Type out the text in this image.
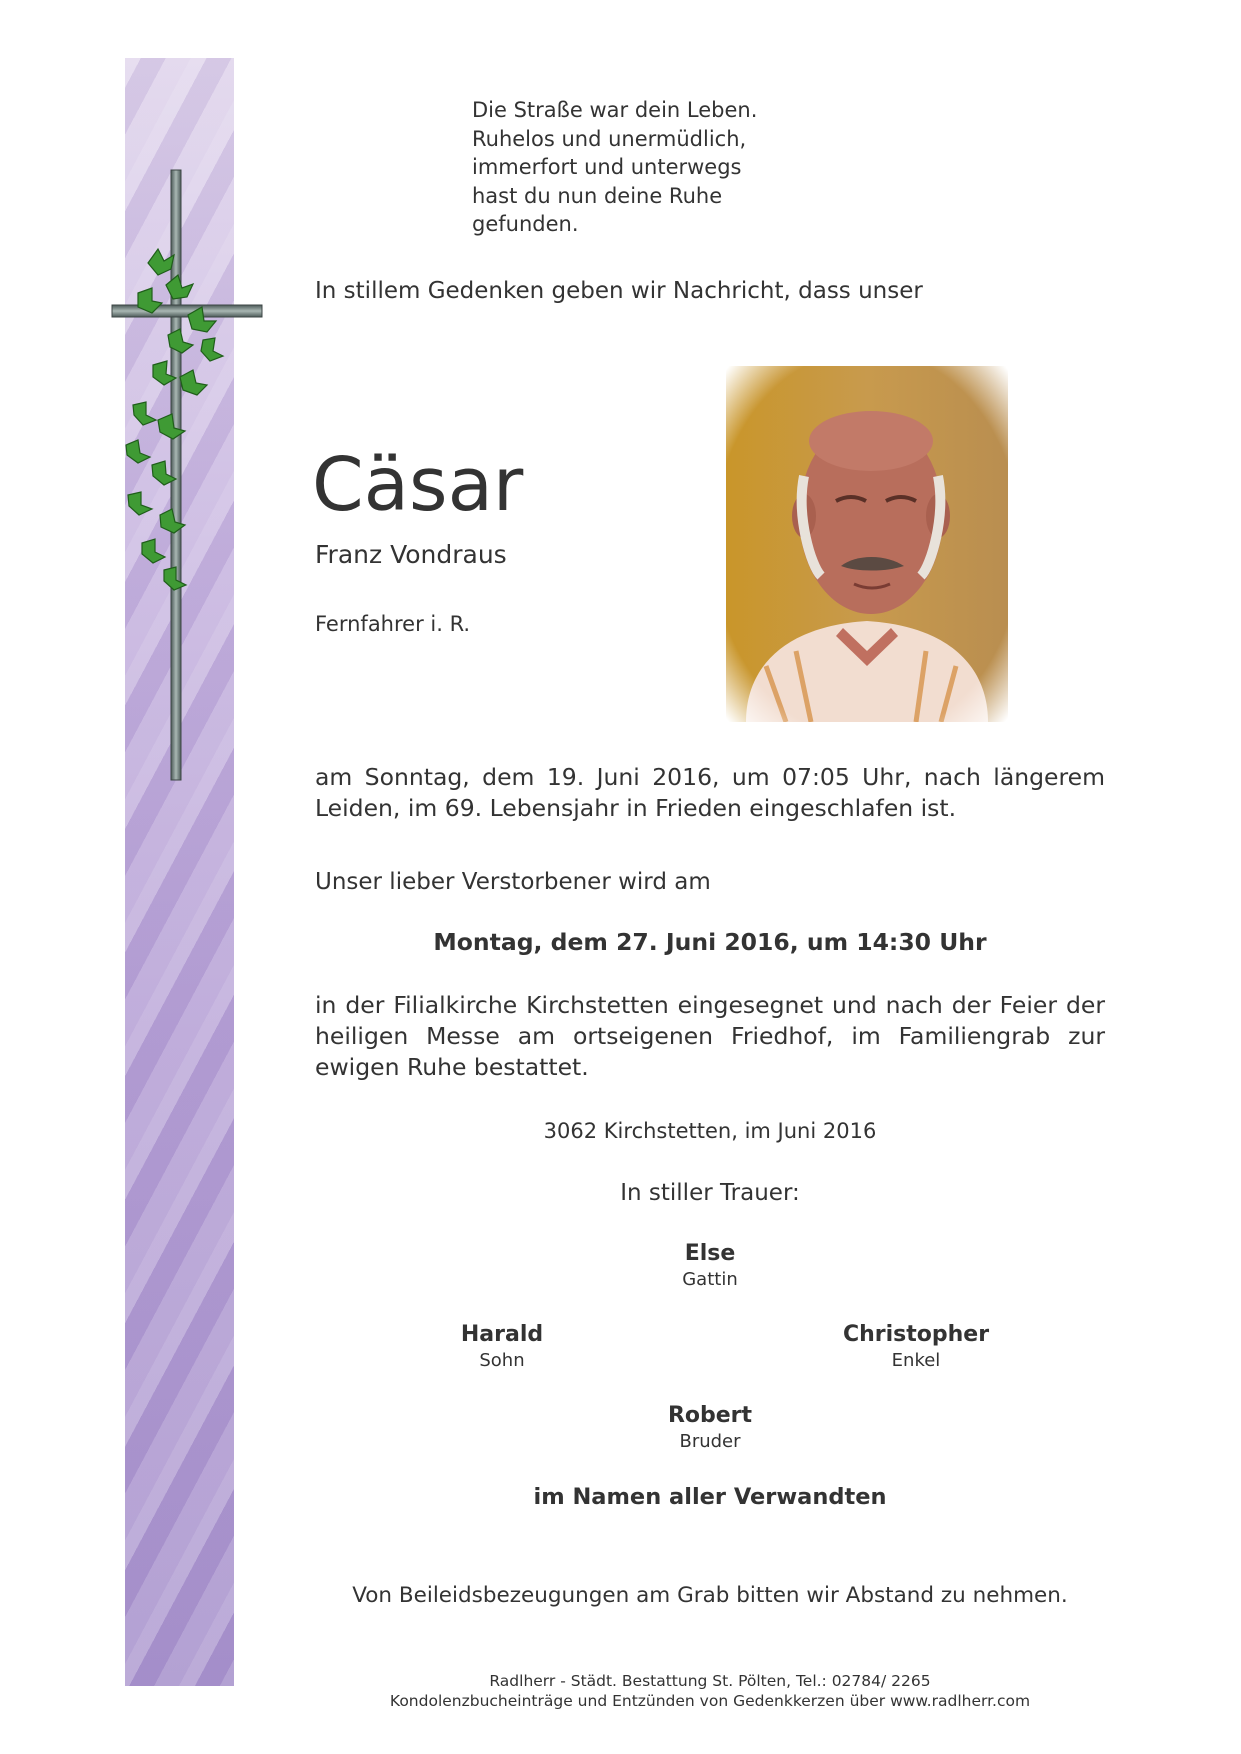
Die Straße war dein Leben.
Ruhelos und unermüdlich,
immerfort und unterwegs
hast du nun deine Ruhe
gefunden.
In stillem Gedenken geben wir Nachricht, dass unser
Cäsar
Franz Vondraus
Fernfahrer i. R.
am Sonntag, dem 19. Juni 2016, um 07:05 Uhr, nach längerem Leiden, im 69. Lebensjahr in Frieden eingeschlafen ist.
Unser lieber Verstorbener wird am
Montag, dem 27. Juni 2016, um 14:30 Uhr
in der Filialkirche Kirchstetten eingesegnet und nach der Feier der heiligen Messe am ortseigenen Friedhof, im Familiengrab zur ewigen Ruhe bestattet.
3062 Kirchstetten, im Juni 2016
In stiller Trauer:
Else
Gattin
Harald
Sohn
Christopher
Enkel
Robert
Bruder
im Namen aller Verwandten
Von Beileidsbezeugungen am Grab bitten wir Abstand zu nehmen.
Radlherr - Städt. Bestattung St. Pölten, Tel.: 02784/ 2265
Kondolenzbucheinträge und Entzünden von Gedenkkerzen über www.radlherr.com
